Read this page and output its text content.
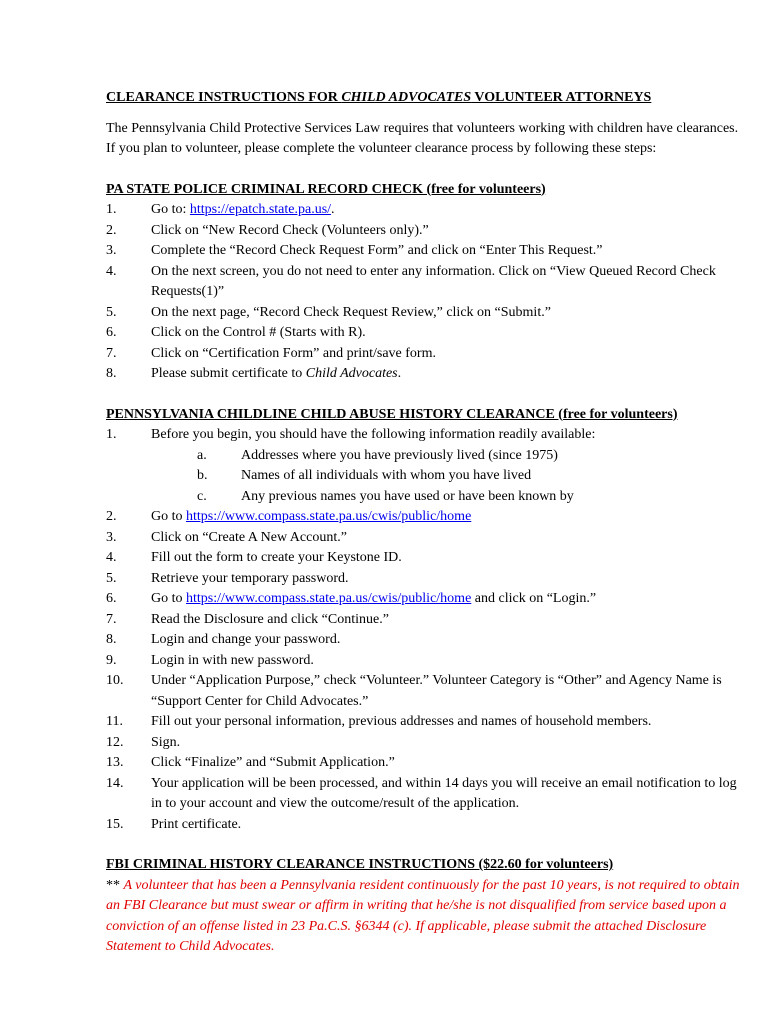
CLEARANCE INSTRUCTIONS FOR CHILD ADVOCATES VOLUNTEER ATTORNEYS

The Pennsylvania Child Protective Services Law requires that volunteers working with children have clearances. If you plan to volunteer, please complete the volunteer clearance process by following these steps:

PA STATE POLICE CRIMINAL RECORD CHECK (free for volunteers)
1. Go to: https://epatch.state.pa.us/.
2. Click on “New Record Check (Volunteers only).”
3. Complete the “Record Check Request Form” and click on “Enter This Request.”
4. On the next screen, you do not need to enter any information. Click on “View Queued Record Check Requests(1)”
5. On the next page, “Record Check Request Review,” click on “Submit.”
6. Click on the Control # (Starts with R).
7. Click on “Certification Form” and print/save form.
8. Please submit certificate to Child Advocates.
PENNSYLVANIA CHILDLINE CHILD ABUSE HISTORY CLEARANCE (free for volunteers)
1. Before you begin, you should have the following information readily available:
a. Addresses where you have previously lived (since 1975)
b. Names of all individuals with whom you have lived
c. Any previous names you have used or have been known by
2. Go to https://www.compass.state.pa.us/cwis/public/home
3. Click on “Create A New Account.”
4. Fill out the form to create your Keystone ID.
5. Retrieve your temporary password.
6. Go to https://www.compass.state.pa.us/cwis/public/home and click on “Login.”
7. Read the Disclosure and click “Continue.”
8. Login and change your password.
9. Login in with new password.
10. Under “Application Purpose,” check “Volunteer.” Volunteer Category is “Other” and Agency Name is “Support Center for Child Advocates.”
11. Fill out your personal information, previous addresses and names of household members.
12. Sign.
13. Click “Finalize” and “Submit Application.”
14. Your application will be been processed, and within 14 days you will receive an email notification to log in to your account and view the outcome/result of the application.
15. Print certificate.
FBI CRIMINAL HISTORY CLEARANCE INSTRUCTIONS ($22.60 for volunteers)

** A volunteer that has been a Pennsylvania resident continuously for the past 10 years, is not required to obtain an FBI Clearance but must swear or affirm in writing that he/she is not disqualified from service based upon a conviction of an offense listed in 23 Pa.C.S. §6344 (c). If applicable, please submit the attached Disclosure Statement to Child Advocates.
